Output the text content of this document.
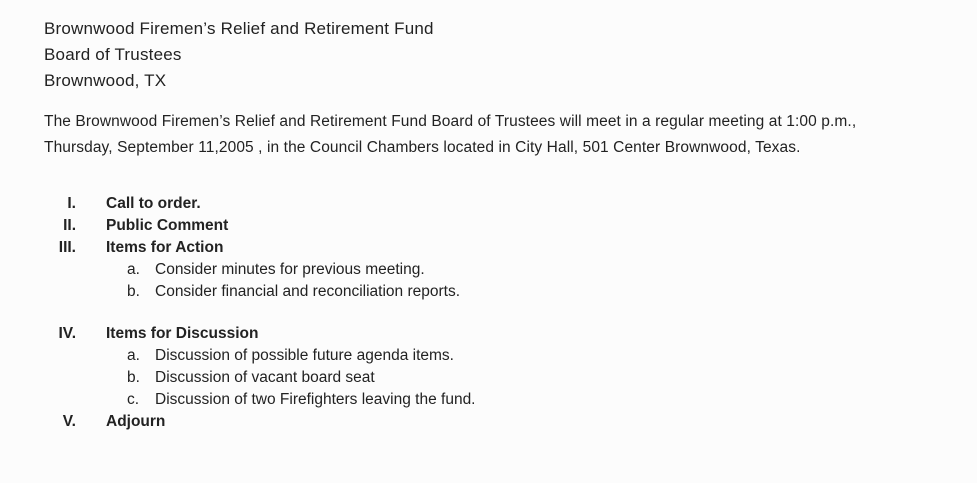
Brownwood Firemen’s Relief and Retirement Fund
Board of Trustees
Brownwood, TX
The Brownwood Firemen’s Relief and Retirement Fund Board of Trustees will meet in a regular meeting at 1:00 p.m.,
Thursday, September 11,2005 , in the Council Chambers located in City Hall, 501 Center Brownwood, Texas.
I. Call to order.
II. Public Comment
III. Items for Action
a. Consider minutes for previous meeting.
b. Consider financial and reconciliation reports.
IV. Items for Discussion
a. Discussion of possible future agenda items.
b. Discussion of vacant board seat
c. Discussion of two Firefighters leaving the fund.
V. Adjourn
